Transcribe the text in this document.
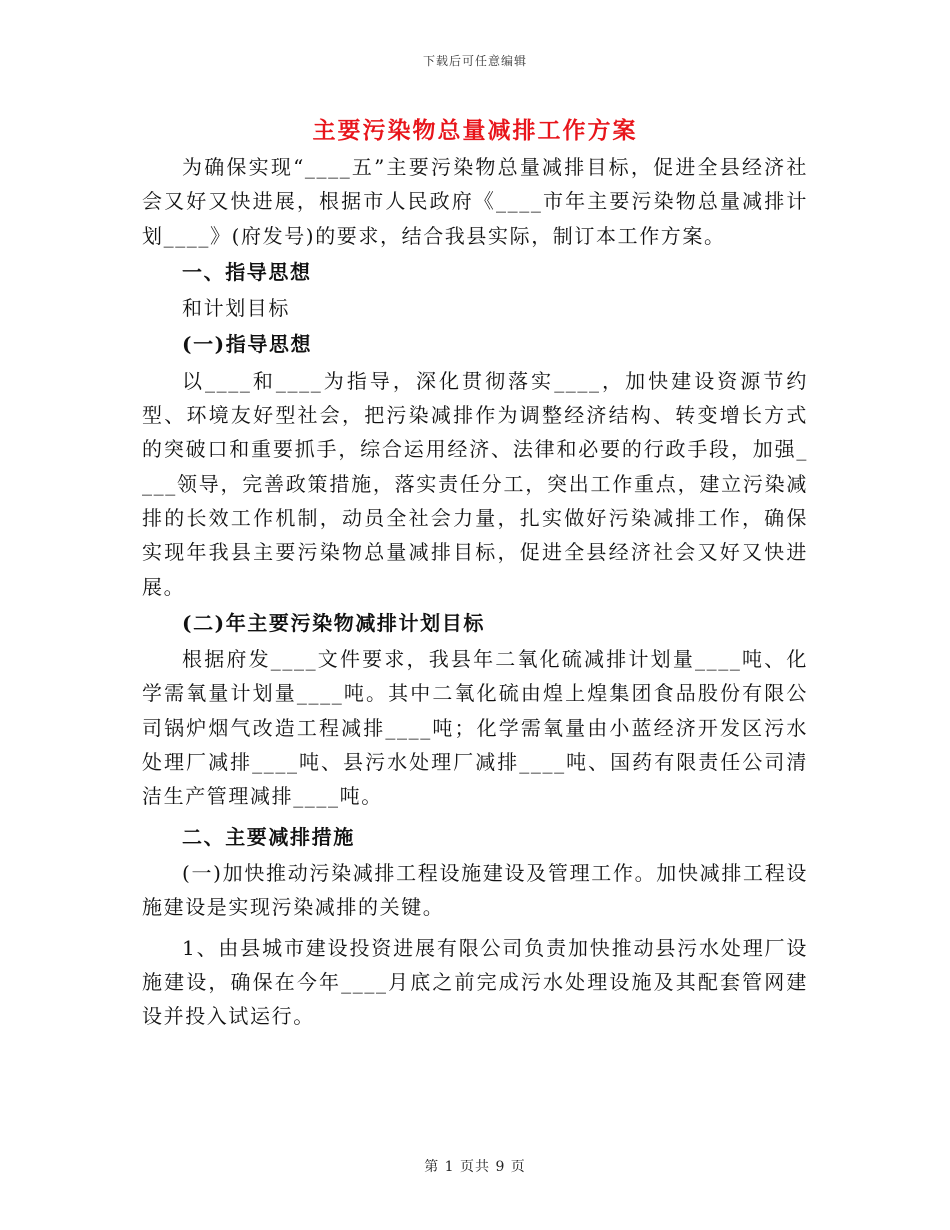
下载后可任意编辑
主要污染物总量减排工作方案

为确保实现“____五”主要污染物总量减排目标，促进全县经济社会又好又快进展，根据市人民政府《____市年主要污染物总量减排计划____》(府发号)的要求，结合我县实际，制订本工作方案。

一、指导思想

和计划目标

(一)指导思想

以____和____为指导，深化贯彻落实____，加快建设资源节约型、环境友好型社会，把污染减排作为调整经济结构、转变增长方式的突破口和重要抓手，综合运用经济、法律和必要的行政手段，加强____领导，完善政策措施，落实责任分工，突出工作重点，建立污染减排的长效工作机制，动员全社会力量，扎实做好污染减排工作，确保实现年我县主要污染物总量减排目标，促进全县经济社会又好又快进展。

(二)年主要污染物减排计划目标

根据府发____文件要求，我县年二氧化硫减排计划量____吨、化学需氧量计划量____吨。其中二氧化硫由煌上煌集团食品股份有限公司锅炉烟气改造工程减排____吨；化学需氧量由小蓝经济开发区污水处理厂减排____吨、县污水处理厂减排____吨、国药有限责任公司清洁生产管理减排____吨。

二、主要减排措施

(一)加快推动污染减排工程设施建设及管理工作。加快减排工程设施建设是实现污染减排的关键。

1、由县城市建设投资进展有限公司负责加快推动县污水处理厂设施建设，确保在今年____月底之前完成污水处理设施及其配套管网建设并投入试运行。

第 1 页共 9 页
